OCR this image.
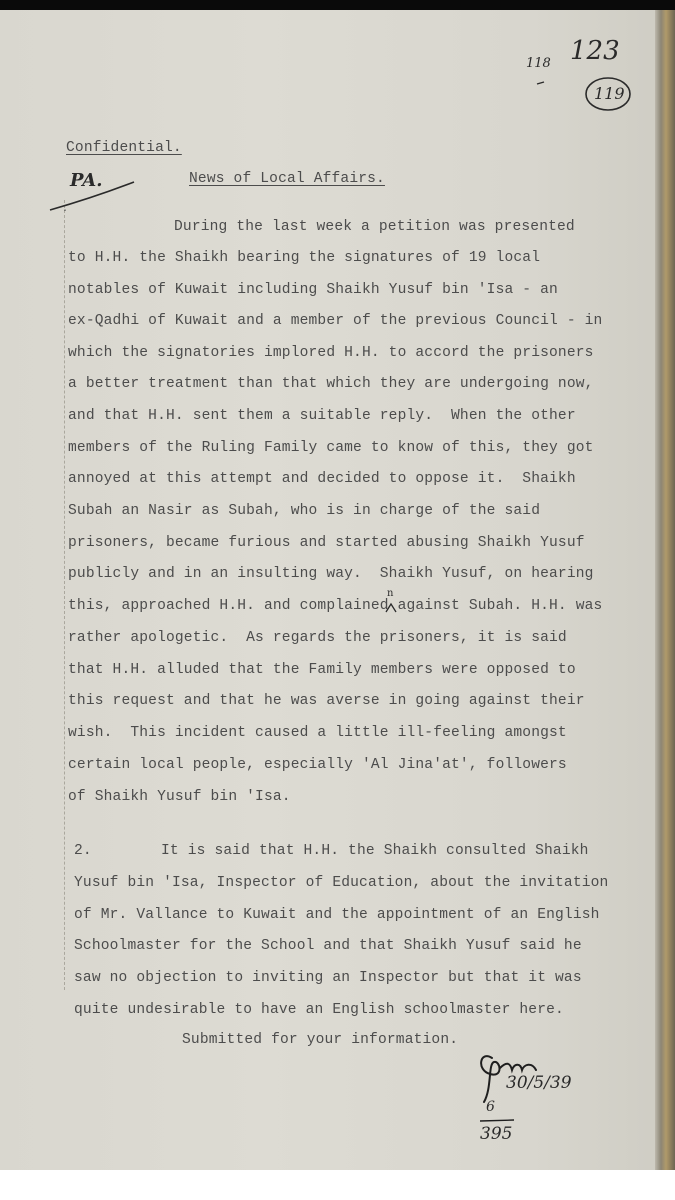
118 123
119
Confidential.
PA.	News of Local Affairs.
·
During the last week a petition was presented
to H.H. the Shaikh bearing the signatures of 19 local
notables of Kuwait including Shaikh Yusuf bin 'Isa - an
ex-Qadhi of Kuwait and a member of the previous Council - in
which the signatories implored H.H. to accord the prisoners
a better treatment than that which they are undergoing now,
and that H.H. sent them a suitable reply.  When the other
members of the Ruling Family came to know of this, they got
annoyed at this attempt and decided to oppose it.  Shaikh
Subah an Nasir as Subah, who is in charge of the said
prisoners, became furious and started abusing Shaikh Yusuf
publicly and in an insulting way.  Shaikh Yusuf, on hearing
this, approached H.H. and complained against Subah. H.H. was
rather apologetic.  As regards the prisoners, it is said
that H.H. alluded that the Family members were opposed to
this request and that he was averse in going against their
wish.  This incident caused a little ill-feeling amongst
certain local people, especially 'Al Jina'at', followers
of Shaikh Yusuf bin 'Isa.
n
2.	It is said that H.H. the Shaikh consulted Shaikh
Yusuf bin 'Isa, Inspector of Education, about the invitation
of Mr. Vallance to Kuwait and the appointment of an English
Schoolmaster for the School and that Shaikh Yusuf said he
saw no objection to inviting an Inspector but that it was
quite undesirable to have an English schoolmaster here.
Submitted for your information.
30/5/39
6
395
